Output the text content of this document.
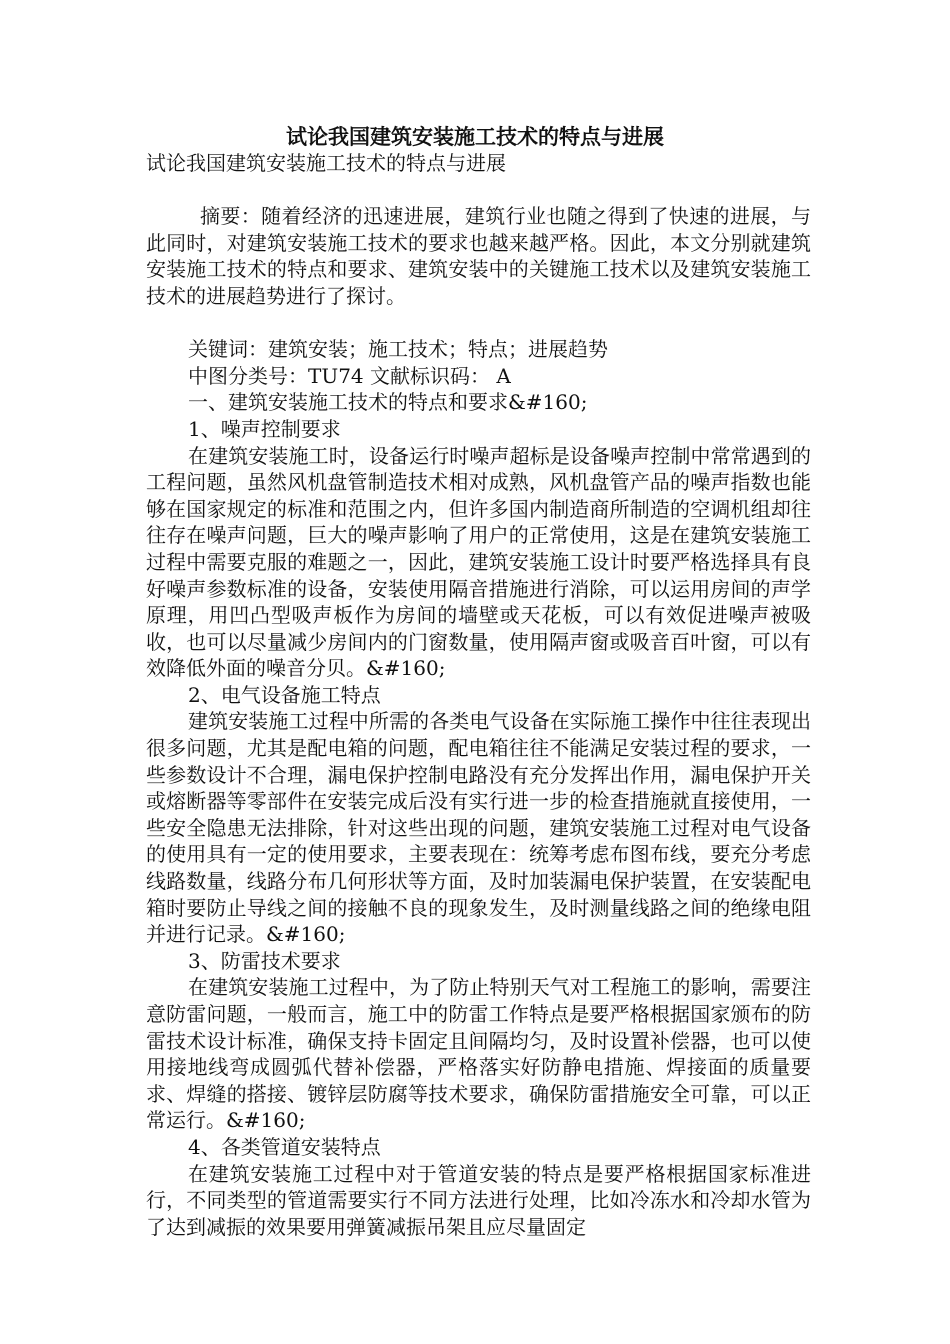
试论我国建筑安装施工技术的特点与进展

试论我国建筑安装施工技术的特点与进展

摘要：随着经济的迅速进展，建筑行业也随之得到了快速的进展，与此同时，对建筑安装施工技术的要求也越来越严格。因此，本文分别就建筑安装施工技术的特点和要求、建筑安装中的关键施工技术以及建筑安装施工技术的进展趋势进行了探讨。

关键词：建筑安装；施工技术；特点；进展趋势

中图分类号：TU74 文献标识码： A

一、建筑安装施工技术的特点和要求&#160;

1、噪声控制要求

在建筑安装施工时，设备运行时噪声超标是设备噪声控制中常常遇到的工程问题，虽然风机盘管制造技术相对成熟，风机盘管产品的噪声指数也能够在国家规定的标准和范围之内，但许多国内制造商所制造的空调机组却往往存在噪声问题，巨大的噪声影响了用户的正常使用，这是在建筑安装施工过程中需要克服的难题之一，因此，建筑安装施工设计时要严格选择具有良好噪声参数标准的设备，安装使用隔音措施进行消除，可以运用房间的声学原理，用凹凸型吸声板作为房间的墙壁或天花板，可以有效促进噪声被吸收，也可以尽量减少房间内的门窗数量，使用隔声窗或吸音百叶窗，可以有效降低外面的噪音分贝。&#160;

2、电气设备施工特点

建筑安装施工过程中所需的各类电气设备在实际施工操作中往往表现出很多问题，尤其是配电箱的问题，配电箱往往不能满足安装过程的要求，一些参数设计不合理，漏电保护控制电路没有充分发挥出作用，漏电保护开关或熔断器等零部件在安装完成后没有实行进一步的检查措施就直接使用，一些安全隐患无法排除，针对这些出现的问题，建筑安装施工过程对电气设备的使用具有一定的使用要求，主要表现在：统筹考虑布图布线，要充分考虑线路数量，线路分布几何形状等方面，及时加装漏电保护装置，在安装配电箱时要防止导线之间的接触不良的现象发生，及时测量线路之间的绝缘电阻并进行记录。&#160;

3、防雷技术要求

在建筑安装施工过程中，为了防止特别天气对工程施工的影响，需要注意防雷问题，一般而言，施工中的防雷工作特点是要严格根据国家颁布的防雷技术设计标准，确保支持卡固定且间隔均匀，及时设置补偿器，也可以使用接地线弯成圆弧代替补偿器，严格落实好防静电措施、焊接面的质量要求、焊缝的搭接、镀锌层防腐等技术要求，确保防雷措施安全可靠，可以正常运行。&#160;

4、各类管道安装特点

在建筑安装施工过程中对于管道安装的特点是要严格根据国家标准进行，不同类型的管道需要实行不同方法进行处理，比如冷冻水和冷却水管为了达到减振的效果要用弹簧减振吊架且应尽量固定
